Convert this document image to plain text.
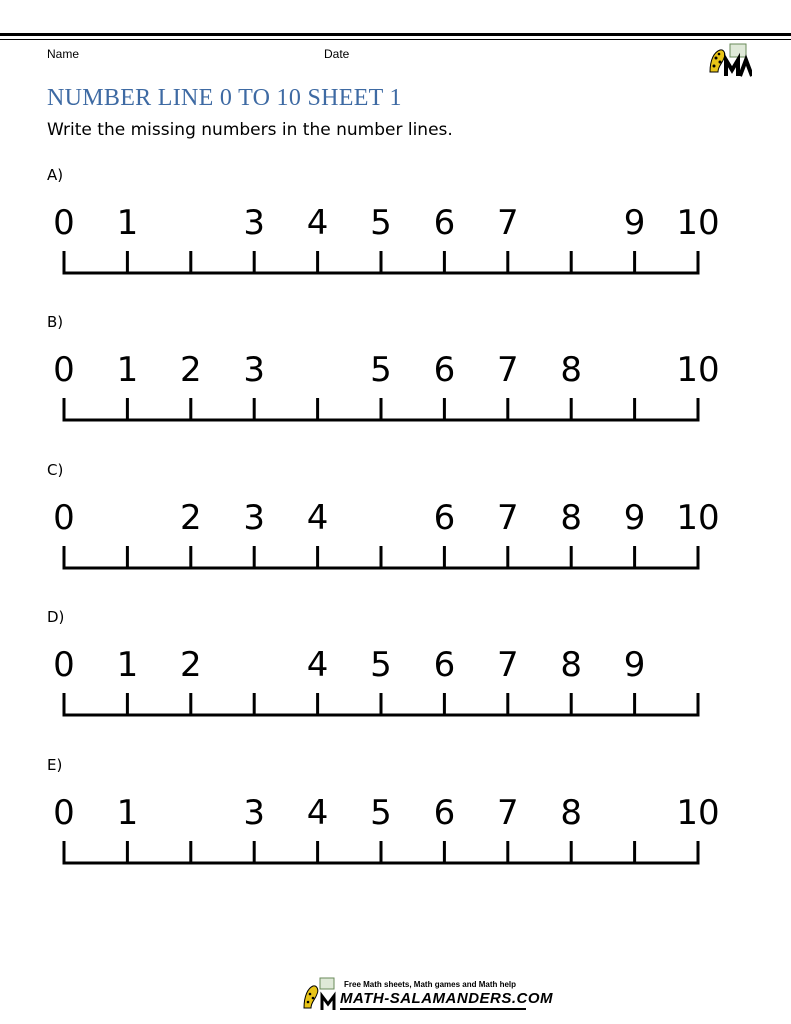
Name	Date
NUMBER LINE 0 TO 10 SHEET 1

Write the missing numbers in the number lines.

A)
0	1	3	4	5	6	7	9 10
B)
0	1	2	3	5	6	7	8	10
C)
0	2	3	4	6	7	8	9 10
D)
0	1	2	4	5	6	7	8	9
E)
0	1	3	4	5	6	7	8	10
Free Math sheets, Math games and Math help
MATH-SALAMANDERS.COM
